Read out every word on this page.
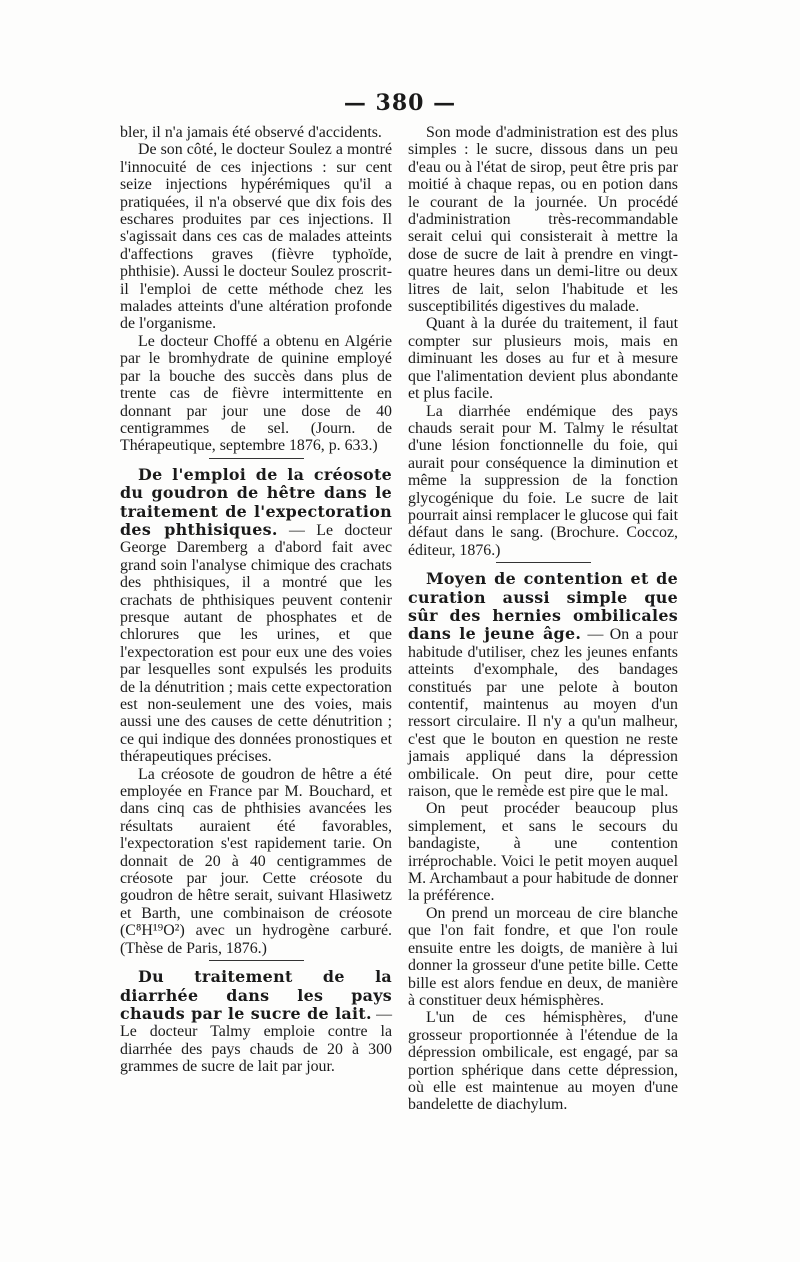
— 380 —

bler, il n'a jamais été observé d'accidents.

De son côté, le docteur Soulez a montré l'innocuité de ces injections : sur cent seize injections hypérémiques qu'il a pratiquées, il n'a observé que dix fois des eschares produites par ces injections. Il s'agissait dans ces cas de malades atteints d'affections graves (fièvre typhoïde, phthisie). Aussi le docteur Soulez proscrit-il l'emploi de cette méthode chez les malades atteints d'une altération profonde de l'organisme.

Le docteur Choffé a obtenu en Algérie par le bromhydrate de quinine employé par la bouche des succès dans plus de trente cas de fièvre intermittente en donnant par jour une dose de 40 centigrammes de sel. (Journ. de Thérapeutique, septembre 1876, p. 633.)

De l'emploi de la créosote du goudron de hêtre dans le traitement de l'expectoration des phthisiques. — Le docteur George Daremberg a d'abord fait avec grand soin l'analyse chimique des crachats des phthisiques, il a montré que les crachats de phthisiques peuvent contenir presque autant de phosphates et de chlorures que les urines, et que l'expectoration est pour eux une des voies par lesquelles sont expulsés les produits de la dénutrition ; mais cette expectoration est non-seulement une des voies, mais aussi une des causes de cette dénutrition ; ce qui indique des données pronostiques et thérapeutiques précises.

La créosote de goudron de hêtre a été employée en France par M. Bouchard, et dans cinq cas de phthisies avancées les résultats auraient été favorables, l'expectoration s'est rapidement tarie. On donnait de 20 à 40 centigrammes de créosote par jour. Cette créosote du goudron de hêtre serait, suivant Hlasiwetz et Barth, une combinaison de créosote (C⁸H¹⁹O²) avec un hydrogène carburé. (Thèse de Paris, 1876.)

Du traitement de la diarrhée dans les pays chauds par le sucre de lait. — Le docteur Talmy emploie contre la diarrhée des pays chauds de 20 à 300 grammes de sucre de lait par jour.

Son mode d'administration est des plus simples : le sucre, dissous dans un peu d'eau ou à l'état de sirop, peut être pris par moitié à chaque repas, ou en potion dans le courant de la journée. Un procédé d'administration très-recommandable serait celui qui consisterait à mettre la dose de sucre de lait à prendre en vingt-quatre heures dans un demi-litre ou deux litres de lait, selon l'habitude et les susceptibilités digestives du malade.

Quant à la durée du traitement, il faut compter sur plusieurs mois, mais en diminuant les doses au fur et à mesure que l'alimentation devient plus abondante et plus facile.

La diarrhée endémique des pays chauds serait pour M. Talmy le résultat d'une lésion fonctionnelle du foie, qui aurait pour conséquence la diminution et même la suppression de la fonction glycogénique du foie. Le sucre de lait pourrait ainsi remplacer le glucose qui fait défaut dans le sang. (Brochure. Coccoz, éditeur, 1876.)

Moyen de contention et de curation aussi simple que sûr des hernies ombilicales dans le jeune âge. — On a pour habitude d'utiliser, chez les jeunes enfants atteints d'exomphale, des bandages constitués par une pelote à bouton contentif, maintenus au moyen d'un ressort circulaire. Il n'y a qu'un malheur, c'est que le bouton en question ne reste jamais appliqué dans la dépression ombilicale. On peut dire, pour cette raison, que le remède est pire que le mal.

On peut procéder beaucoup plus simplement, et sans le secours du bandagiste, à une contention irréprochable. Voici le petit moyen auquel M. Archambaut a pour habitude de donner la préférence.

On prend un morceau de cire blanche que l'on fait fondre, et que l'on roule ensuite entre les doigts, de manière à lui donner la grosseur d'une petite bille. Cette bille est alors fendue en deux, de manière à constituer deux hémisphères.

L'un de ces hémisphères, d'une grosseur proportionnée à l'étendue de la dépression ombilicale, est engagé, par sa portion sphérique dans cette dépression, où elle est maintenue au moyen d'une bandelette de diachylum.
